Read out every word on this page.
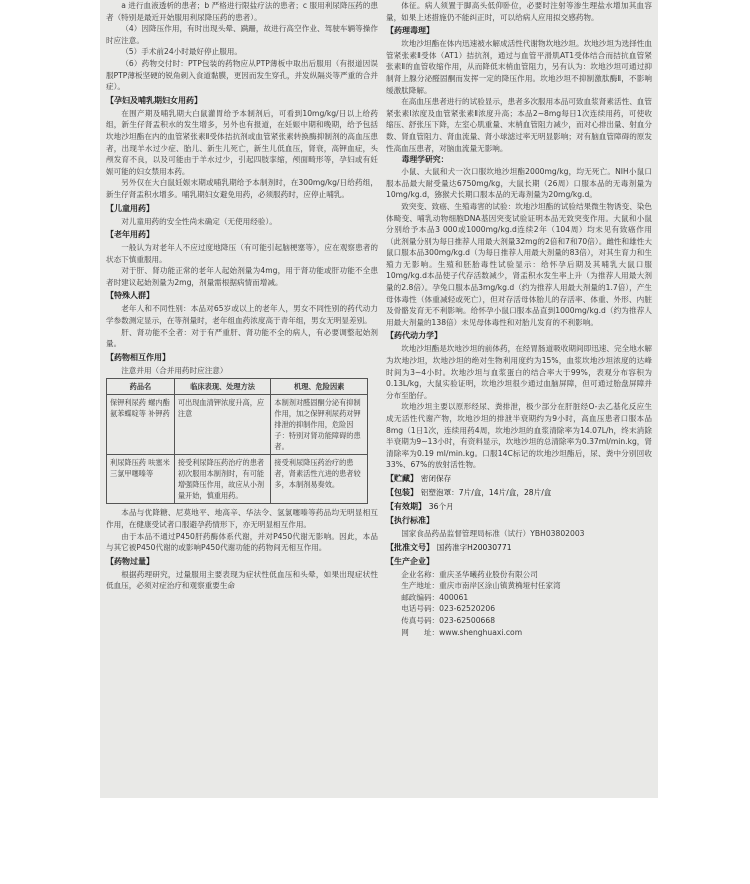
a 进行血液透析的患者；b 严格进行限盐疗法的患者；c 服用利尿降压药的患者（特别是最近开始服用利尿降压药的患者）。

（4）因降压作用，有时出现头晕、蹒跚，故进行高空作业、驾驶车辆等操作时应注意。

（5）手术前24小时最好停止服用。

（6）药物交付时：PTP包装的药物应从PTP薄板中取出后服用（有报道因误服PTP薄板坚硬的锐角刺入食道黏膜，更因而发生穿孔，并发纵隔炎等严重的合并症）。

【孕妇及哺乳期妇女用药】

在围产期及哺乳期大白鼠灌胃给予本制剂后，可看到10mg/kg/日以上给药组，新生仔肾盂积水的发生增多，另外也有报道，在妊娠中期和晚期，给予包括坎地沙坦酯在内的血管紧张素Ⅱ受体拮抗剂或血管紧张素转换酶抑制剂的高血压患者，出现羊水过少症、胎儿、新生儿死亡，新生儿低血压，肾衰，高钾血症，头颅发育不良，以及可能由于羊水过少，引起四肢挛缩，颅面畸形等，孕妇或有妊娠可能的妇女禁用本药。

另外仅在大白鼠妊娠末期或哺乳期给予本制剂时，在300mg/kg/日给药组，新生仔肾盂积水增多。哺乳期妇女避免用药，必须服药时，应停止哺乳。

【儿童用药】

对儿童用药的安全性尚未确定（无使用经验）。

【老年用药】

一般认为对老年人不应过度地降压（有可能引起脑梗塞等），应在观察患者的状态下慎重服用。

对于肝、肾功能正常的老年人起始剂量为4mg，用于肾功能或肝功能不全患者时建议起始剂量为2mg，剂量需根据病情而增减。

【特殊人群】

老年人和不同性别：本品对65岁或以上的老年人，男女不同性别的药代动力学参数测定显示，在等剂量时，老年组血药浓度高于青年组，男女无明显差别。

肝、肾功能不全者：对于有严重肝、肾功能不全的病人，有必要调整起始剂量。

【药物相互作用】

注意并用（合并用药时应注意）

药品名	临床表现、处理方法	机理、危险因素
保钾利尿药 螺内酯 氨苯蝶啶等 补钾药	可出现血清钾浓度升高，应注意	本制剂对醛固酮分泌有抑制作用，加之保钾利尿药对钾排泄的抑制作用，危险因子：特别对肾功能障碍的患者。
利尿降压药 呋塞米 三氯甲噻嗪等	接受利尿降压药治疗的患者初次服用本制剂时，有可能增强降压作用，故应从小剂量开始，慎重用药。	接受利尿降压药治疗的患者，肾素活性亢进的患者较多，本制剂易奏效。

本品与优降糖、尼莫地平、地高辛、华法令、氢氯噻嗪等药品均无明显相互作用，在健康受试者口服避孕药情形下，亦无明显相互作用。

由于本品不通过P450肝药酶体系代谢，并对P450代谢无影响。因此，本品与其它被P450代谢的或影响P450代谢功能的药物间无相互作用。

【药物过量】

根据药理研究，过量服用主要表现为症状性低血压和头晕，如果出现症状性低血压，必须对症治疗和观察重要生命

体征。病人须置于脚高头低仰卧位，必要时注射等渗生理盐水增加其血容量，如果上述措施仍不能纠正时，可以给病人应用拟交感药物。

【药理毒理】

坎地沙坦酯在体内迅速被水解成活性代谢物坎地沙坦。坎地沙坦为选择性血管紧张素Ⅱ受体（AT1）拮抗剂，通过与血管平滑肌AT1受体结合而拮抗血管紧张素Ⅱ的血管收缩作用，从而降低末梢血管阻力，另有认为：坎地沙坦可通过抑制肾上腺分泌醛固酮而发挥一定的降压作用。坎地沙坦不抑制激肽酶Ⅱ，不影响缓激肽降解。

在高血压患者进行的试验显示，患者多次服用本品可致血浆肾素活性、血管紧张素Ⅰ浓度及血管紧张素Ⅱ浓度升高；本品2~8mg每日1次连续用药，可使收缩压、舒张压下降，左室心肌重量、末梢血管阻力减少，而对心排出量、射血分数、肾血管阻力、肾血流量、肾小球滤过率无明显影响；对有脑血管障碍的原发性高血压患者，对脑血流量无影响。

毒理学研究：

小鼠、大鼠和犬一次口服坎地沙坦酯2000mg/kg，均无死亡。NIH小鼠口服本品最大耐受量达6750mg/kg，大鼠长期（26周）口服本品的无毒剂量为10mg/kg.d，猕猴犬长期口服本品的无毒剂量为20mg/kg.d。

致突变、致癌、生殖毒害的试验：坎地沙坦酯的试验结果微生物诱变、染色体畸变、哺乳动物细胞DNA基因突变试验证明本品无致突变作用。大鼠和小鼠分别给予本品3 000或1000mg/kg.d连续2年（104周）均未见有致癌作用（此剂量分别为每日推荐人用最大剂量32mg的2倍和7和70倍）。雌性和雄性大鼠口服本品300mg/kg.d（为每日推荐人用最大剂量的83倍），对其生育力和生殖力无影响。生殖和胚胎毒性试验显示：给怀孕后期及其哺乳大鼠口服10mg/kg.d本品使子代存活数减少，肾盂积水发生率上升（为推荐人用最大剂量的2.8倍）。孕兔口服本品3mg/kg.d（约为推荐人用最大剂量的1.7倍），产生母体毒性（体重减轻或死亡），但对存活母体胎儿的存活率、体重、外形、内脏及骨骼发育无不利影响。给怀孕小鼠口服本品直到1000mg/kg.d（约为推荐人用最大剂量的138倍）未见母体毒性和对胎儿发育的不利影响。

【药代动力学】

坎地沙坦酯是坎地沙坦的前体药，在经胃肠道吸收期间即迅速、完全地水解为坎地沙坦，坎地沙坦的绝对生物利用度约为15%，血浆坎地沙坦浓度的达峰时间为3~4小时。坎地沙坦与血浆蛋白的结合率大于99%，表观分布容积为0.13L/kg，大鼠实验证明，坎地沙坦很少通过血脑屏障，但可通过胎盘屏障并分布至胎仔。

坎地沙坦主要以原形经尿、粪排泄，极少部分在肝脏经O-去乙基化反应生成无活性代谢产物，坎地沙坦的排泄半衰期约为9小时，高血压患者口服本品8mg（1日1次，连续用药4周，坎地沙坦的血浆清除率为14.07L/h，终末消除半衰期为9~13小时，有资料显示，坎地沙坦的总清除率为0.37ml/min.kg，肾清除率为0.19 ml/min.kg。口服14C标记的坎地沙坦酯后，尿、粪中分别回收33%、67%的放射活性物。

【贮藏】 密闭保存
【包装】 铝塑泡罩：7片/盒，14片/盒，28片/盒
【有效期】 36个月
【执行标准】
国家食品药品监督管理局标准（试行）YBH03802003
【批准文号】 国药准字H20030771
【生产企业】
企业名称：重庆圣华曦药业股份有限公司
生产地址：重庆市南岸区涂山镇黄桷垭村任家湾
邮政编码：400061
电话号码：023-62520206
传真号码：023-62500668
网　　址：www.shenghuaxi.com
